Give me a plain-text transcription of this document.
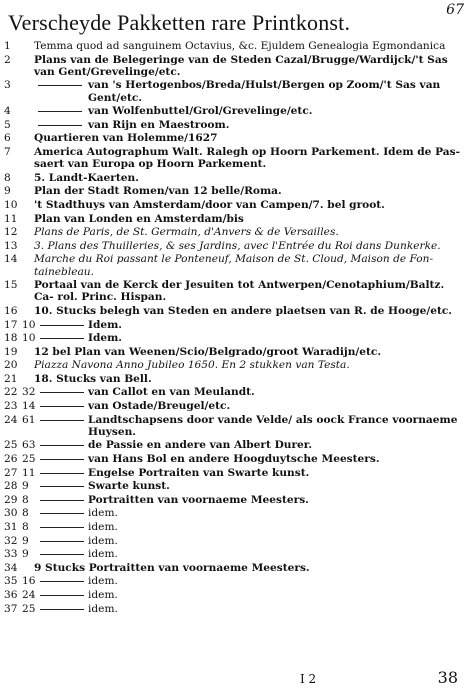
67
Verscheyde Pakketten rare Printkonst.
1	Temma quod ad sanguinem Octavius, &c. Ejuldem Genealogia Egmondanica
2	Plans van de Belegeringe van de Steden Cazal/Brugge/Wardijck/'t Sas van Gent/Grevelinge/etc.
3	van 's Hertogenbos/Breda/Hulst/Bergen op Zoom/'t Sas van Gent/etc.
4	van Wolfenbuttel/Grol/Grevelinge/etc.
5	van Rijn en Maestroom.
6	Quartieren van Holemme/1627
7	America Autographum Walt. Ralegh op Hoorn Parkement. Idem de Pas- saert van Europa op Hoorn Parkement.
8	5. Landt-Kaerten.
9	Plan der Stadt Romen/van 12 belle/Roma.
10	't Stadthuys van Amsterdam/door van Campen/7. bel groot.
11	Plan van Londen en Amsterdam/bis
12	Plans de Paris, de St. Germain, d'Anvers & de Versailles.
13	3. Plans des Thuilleries, & ses Jardins, avec l'Entrée du Roi dans Dunkerke.
14	Marche du Roi passant le Ponteneuf, Maison de St. Cloud, Maison de Fon- tainebleau.
15	Portaal van de Kerck der Jesuiten tot Antwerpen/Cenotaphium/Baltz. Ca- rol. Princ. Hispan.
16	10. Stucks belegh van Steden en andere plaetsen van R. de Hooge/etc.
17 10	Idem.
18 10	Idem.
19	12 bel Plan van Weenen/Scio/Belgrado/groot Waradijn/etc.
20	Piazza Navona Anno Jubileo 1650. En 2 stukken van Testa.
21	18. Stucks van Bell.
22 32	van Callot en van Meulandt.
23 14	van Ostade/Breugel/etc.
24 61	Landtschapsens door vande Velde/ als oock France voornaeme Huysen.
25 63	de Passie en andere van Albert Durer.
26 25	van Hans Bol en andere Hoogduytsche Meesters.
27 11	Engelse Portraiten van Swarte kunst.
28 9	Swarte kunst.
29 8	Portraitten van voornaeme Meesters.
30 8	idem.
31 8	idem.
32 9	idem.
33 9	idem.
34	9 Stucks Portraitten van voornaeme Meesters.
35 16	idem.
36 24	idem.
37 25	idem.
I 2	38
